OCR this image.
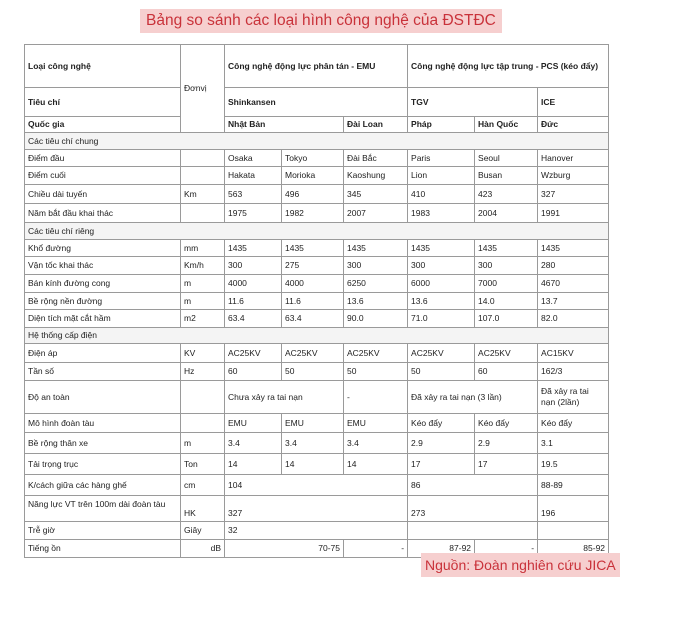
Bảng so sánh các loại hình công nghệ của ĐSTĐC
Loại công nghệ	Đơnvị	Công nghệ động lực phân tán - EMU			Công nghệ động lực tập trung - PCS (kéo đẩy)		
Tiêu chí		Shinkansen			TGV		ICE
Quốc gia		Nhật Bản		Đài Loan	Pháp	Hàn Quốc	Đức
Các tiêu chí chung							
Điểm đầu		Osaka	Tokyo	Đài Bắc	Paris	Seoul	Hanover
Điểm cuối		Hakata	Morioka	Kaoshung	Lion	Busan	Wzburg
Chiều dài tuyến	Km	563	496	345	410	423	327
Năm bắt đầu khai thác		1975	1982	2007	1983	2004	1991
Các tiêu chí riêng							
Khổ đường	mm	1435	1435	1435	1435	1435	1435
Vận tốc khai thác	Km/h	300	275	300	300	300	280
Bán kính đường cong	m	4000	4000	6250	6000	7000	4670
Bề rộng nền đường	m	11.6	11.6	13.6	13.6	14.0	13.7
Diện tích mặt cắt hầm	m2	63.4	63.4	90.0	71.0	107.0	82.0
Hệ thống cấp điện							
Điện áp	KV	AC25KV	AC25KV	AC25KV	AC25KV	AC25KV	AC15KV
Tần số	Hz	60	50	50	50	60	162/3
Độ an toàn		Chưa xảy ra tai nạn		-	Đã xảy ra tai nạn (3 lần)		Đã xảy ra tai nạn (2lần)
Mô hình đoàn tàu		EMU	EMU	EMU	Kéo đẩy	Kéo đẩy	Kéo đẩy
Bề rộng thân xe	m	3.4	3.4	3.4	2.9	2.9	3.1
Tải trọng trục	Ton	14	14	14	17	17	19.5
K/cách giữa các hàng ghế	cm	104			86		88-89
Năng lực VT trên 100m dài đoàn tàu	HK	327			273		196
Trễ giờ	Giây	32					
Tiếng ồn	dB	70-75		-	87-92	-	85-92
Nguồn: Đoàn nghiên cứu JICA
